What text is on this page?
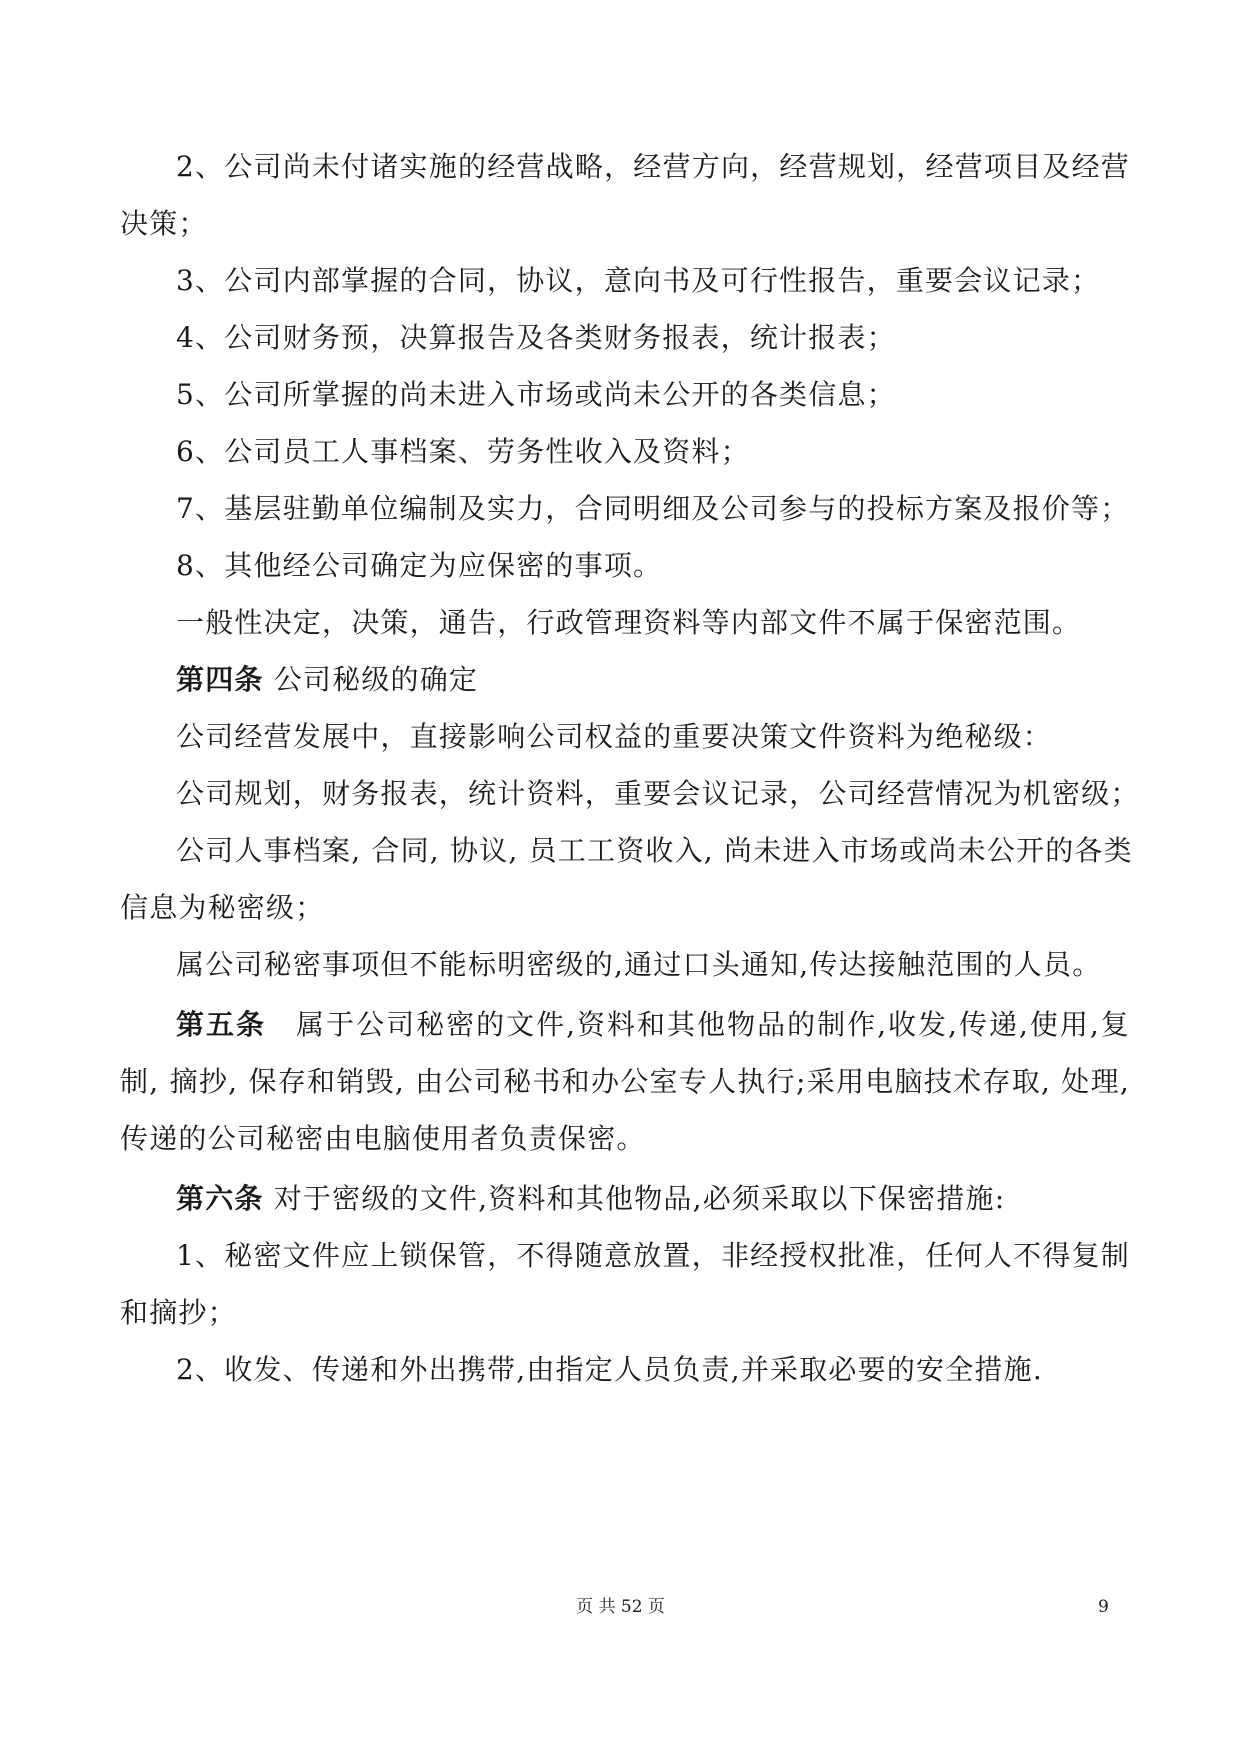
2、公司尚未付诸实施的经营战略，经营方向，经营规划，经营项目及经营
决策；
3、公司内部掌握的合同，协议，意向书及可行性报告，重要会议记录；
4、公司财务预，决算报告及各类财务报表，统计报表；
5、公司所掌握的尚未进入市场或尚未公开的各类信息；
6、公司员工人事档案、劳务性收入及资料；
7、基层驻勤单位编制及实力，合同明细及公司参与的投标方案及报价等；
8、其他经公司确定为应保密的事项。
一般性决定，决策，通告，行政管理资料等内部文件不属于保密范围。
第四条 公司秘级的确定
公司经营发展中，直接影响公司权益的重要决策文件资料为绝秘级：
公司规划，财务报表，统计资料，重要会议记录，公司经营情况为机密级；
公司人事档案, 合同, 协议, 员工工资收入, 尚未进入市场或尚未公开的各类
信息为秘密级；
属公司秘密事项但不能标明密级的,通过口头通知,传达接触范围的人员。
第五条　 属于公司秘密的文件,资料和其他物品的制作,收发,传递,使用,复
制, 摘抄, 保存和销毁, 由公司秘书和办公室专人执行;采用电脑技术存取, 处理,
传递的公司秘密由电脑使用者负责保密。
第六条 对于密级的文件,资料和其他物品,必须采取以下保密措施:
1、秘密文件应上锁保管，不得随意放置，非经授权批准，任何人不得复制
和摘抄；
2、收发、传递和外出携带,由指定人员负责,并采取必要的安全措施.
页 共 52 页	9
